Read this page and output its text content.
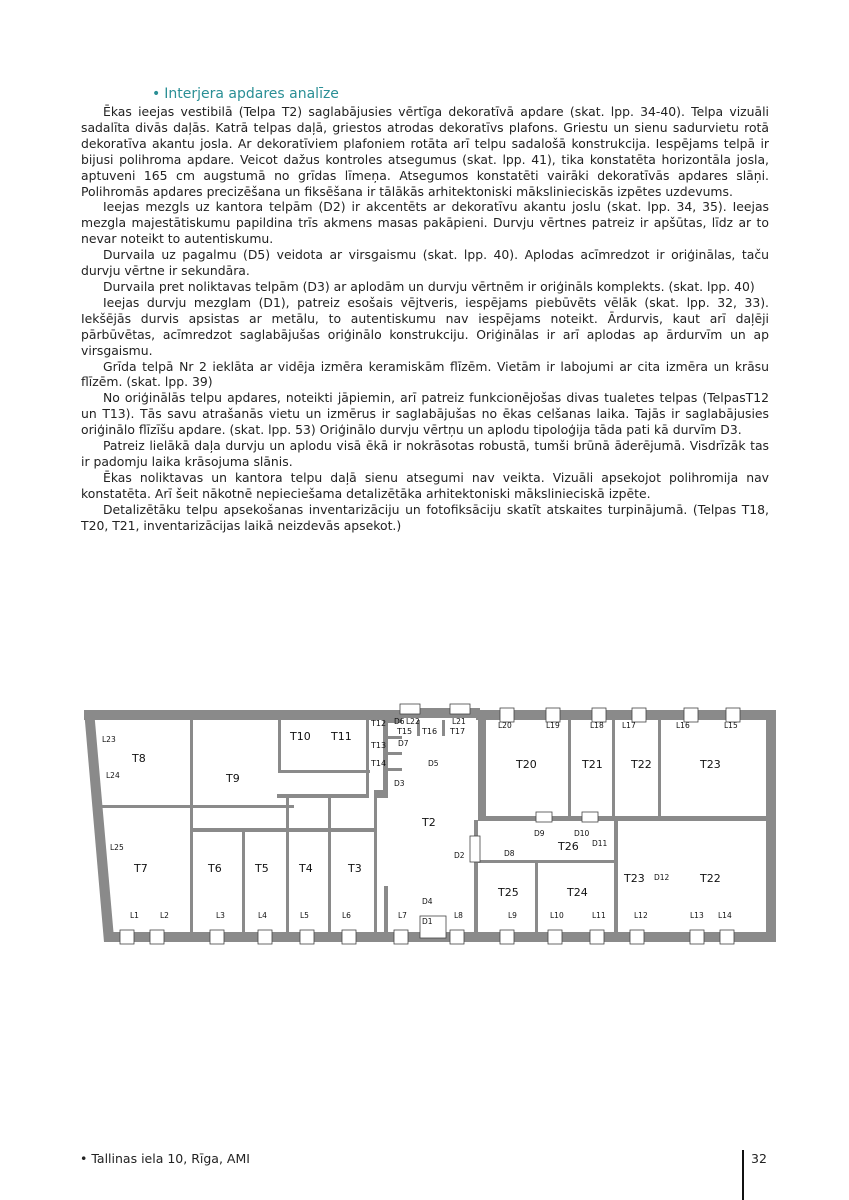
• Interjera apdares analīze

Ēkas ieejas vestibilā (Telpa T2) saglabājusies vērtīga dekoratīvā apdare (skat. lpp. 34-40). Telpa vizuāli sadalīta divās daļās. Katrā telpas daļā, griestos atrodas dekoratīvs plafons. Griestu un sienu sadurvietu rotā dekoratīva akantu josla. Ar dekoratīviem plafoniem rotāta arī telpu sadalošā konstrukcija. Iespējams telpā ir bijusi polihroma apdare. Veicot dažus kontroles atsegumus (skat. lpp. 41), tika konstatēta horizontāla josla, aptuveni 165 cm augstumā no grīdas līmeņa. Atsegumos konstatēti vairāki dekoratīvās apdares slāņi. Polihromās apdares precizēšana un fiksēšana ir tālākās arhitektoniski mākslinieciskās izpētes uzdevums.

Ieejas mezgls uz kantora telpām (D2) ir akcentēts ar dekoratīvu akantu joslu (skat. lpp. 34, 35). Ieejas mezgla majestātiskumu papildina trīs akmens masas pakāpieni. Durvju vērtnes patreiz ir apšūtas, līdz ar to nevar noteikt to autentiskumu.

Durvaila uz pagalmu (D5) veidota ar virsgaismu (skat. lpp. 40). Aplodas acīmredzot ir oriģinālas, taču durvju vērtne ir sekundāra.

Durvaila pret noliktavas telpām (D3) ar aplodām un durvju vērtnēm ir oriģināls komplekts. (skat. lpp. 40)

Ieejas durvju mezglam (D1), patreiz esošais vējtveris, iespējams piebūvēts vēlāk (skat. lpp. 32, 33). Iekšējās durvis apsistas ar metālu, to autentiskumu nav iespējams noteikt. Ārdurvis, kaut arī daļēji pārbūvētas, acīmredzot saglabājušas oriģinālo konstrukciju. Oriģinālas ir arī aplodas ap ārdurvīm un ap virsgaismu.

Grīda telpā Nr 2 ieklāta ar vidēja izmēra keramiskām flīzēm. Vietām ir labojumi ar cita izmēra un krāsu flīzēm. (skat. lpp. 39)

No oriģinālās telpu apdares, noteikti jāpiemin, arī patreiz funkcionējošas divas tualetes telpas (TelpasT12 un T13). Tās savu atrašanās vietu un izmērus ir saglabājušas no ēkas celšanas laika. Tajās ir saglabājusies oriģinālo flīzīšu apdare. (skat. lpp. 53) Oriģinālo durvju vērtņu un aplodu tipoloģija tāda pati kā durvīm D3.

Patreiz lielākā daļa durvju un aplodu visā ēkā ir nokrāsotas robustā, tumši brūnā āderējumā. Visdrīzāk tas ir padomju laika krāsojuma slānis.

Ēkas noliktavas un kantora telpu daļā sienu atsegumi nav veikta. Vizuāli apsekojot polihromija nav konstatēta. Arī šeit nākotnē nepieciešama detalizētāka arhitektoniski mākslinieciskā izpēte.

Detalizētāku telpu apsekošanas inventarizāciju un fotofiksāciju skatīt atskaites turpinājumā. (Telpas T18, T20, T21, inventarizācijas laikā neizdevās apsekot.)

T8
T9
T10 T11
T2
T7	T6	T5	T4	T3
T20	T21	T22	T23
T26
T25	T24
T23	T22
T12
T13
T14
T15 T16 T17
D4
D1
D2
D3
D5
D6
D7
D8
D9	D10
D11
D12
L1	L2	L3	L4	L5	L6	L7	L8	L9	L10	L11	L12	L13 L14
L15
L16
L17
L18
L19
L20
L21
L22
L23
L24
L25
• Tallinas iela 10, Rīga, AMI	32
